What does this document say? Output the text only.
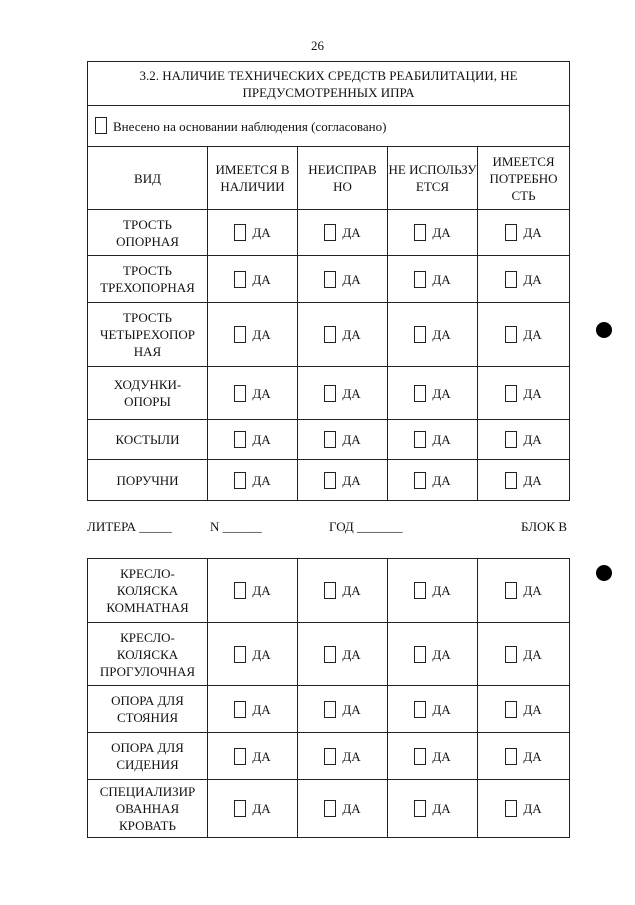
26
3.2. НАЛИЧИЕ ТЕХНИЧЕСКИХ СРЕДСТВ РЕАБИЛИТАЦИИ, НЕ ПРЕДУСМОТРЕННЫХ ИПРА				
Внесено на основании наблюдения (согласовано)				
ВИД	ИМЕЕТСЯ В НАЛИЧИИ	НЕИСПРАВ НО	НЕ ИСПОЛЬЗУ ЕТСЯ	ИМЕЕТСЯ ПОТРЕБНО СТЬ
ТРОСТЬ ОПОРНАЯ	ДА	ДА	ДА	ДА
ТРОСТЬ ТРЕХОПОРНАЯ	ДА	ДА	ДА	ДА
ТРОСТЬ ЧЕТЫРЕХОПОР НАЯ	ДА	ДА	ДА	ДА
ХОДУНКИ- ОПОРЫ	ДА	ДА	ДА	ДА
КОСТЫЛИ	ДА	ДА	ДА	ДА
ПОРУЧНИ	ДА	ДА	ДА	ДА
ЛИТЕРА _____	N ______	ГОД _______	БЛОК В
КРЕСЛО- КОЛЯСКА КОМНАТНАЯ	ДА	ДА	ДА	ДА
КРЕСЛО- КОЛЯСКА ПРОГУЛОЧНАЯ	ДА	ДА	ДА	ДА
ОПОРА ДЛЯ СТОЯНИЯ	ДА	ДА	ДА	ДА
ОПОРА ДЛЯ СИДЕНИЯ	ДА	ДА	ДА	ДА
СПЕЦИАЛИЗИР ОВАННАЯ КРОВАТЬ	ДА	ДА	ДА	ДА
